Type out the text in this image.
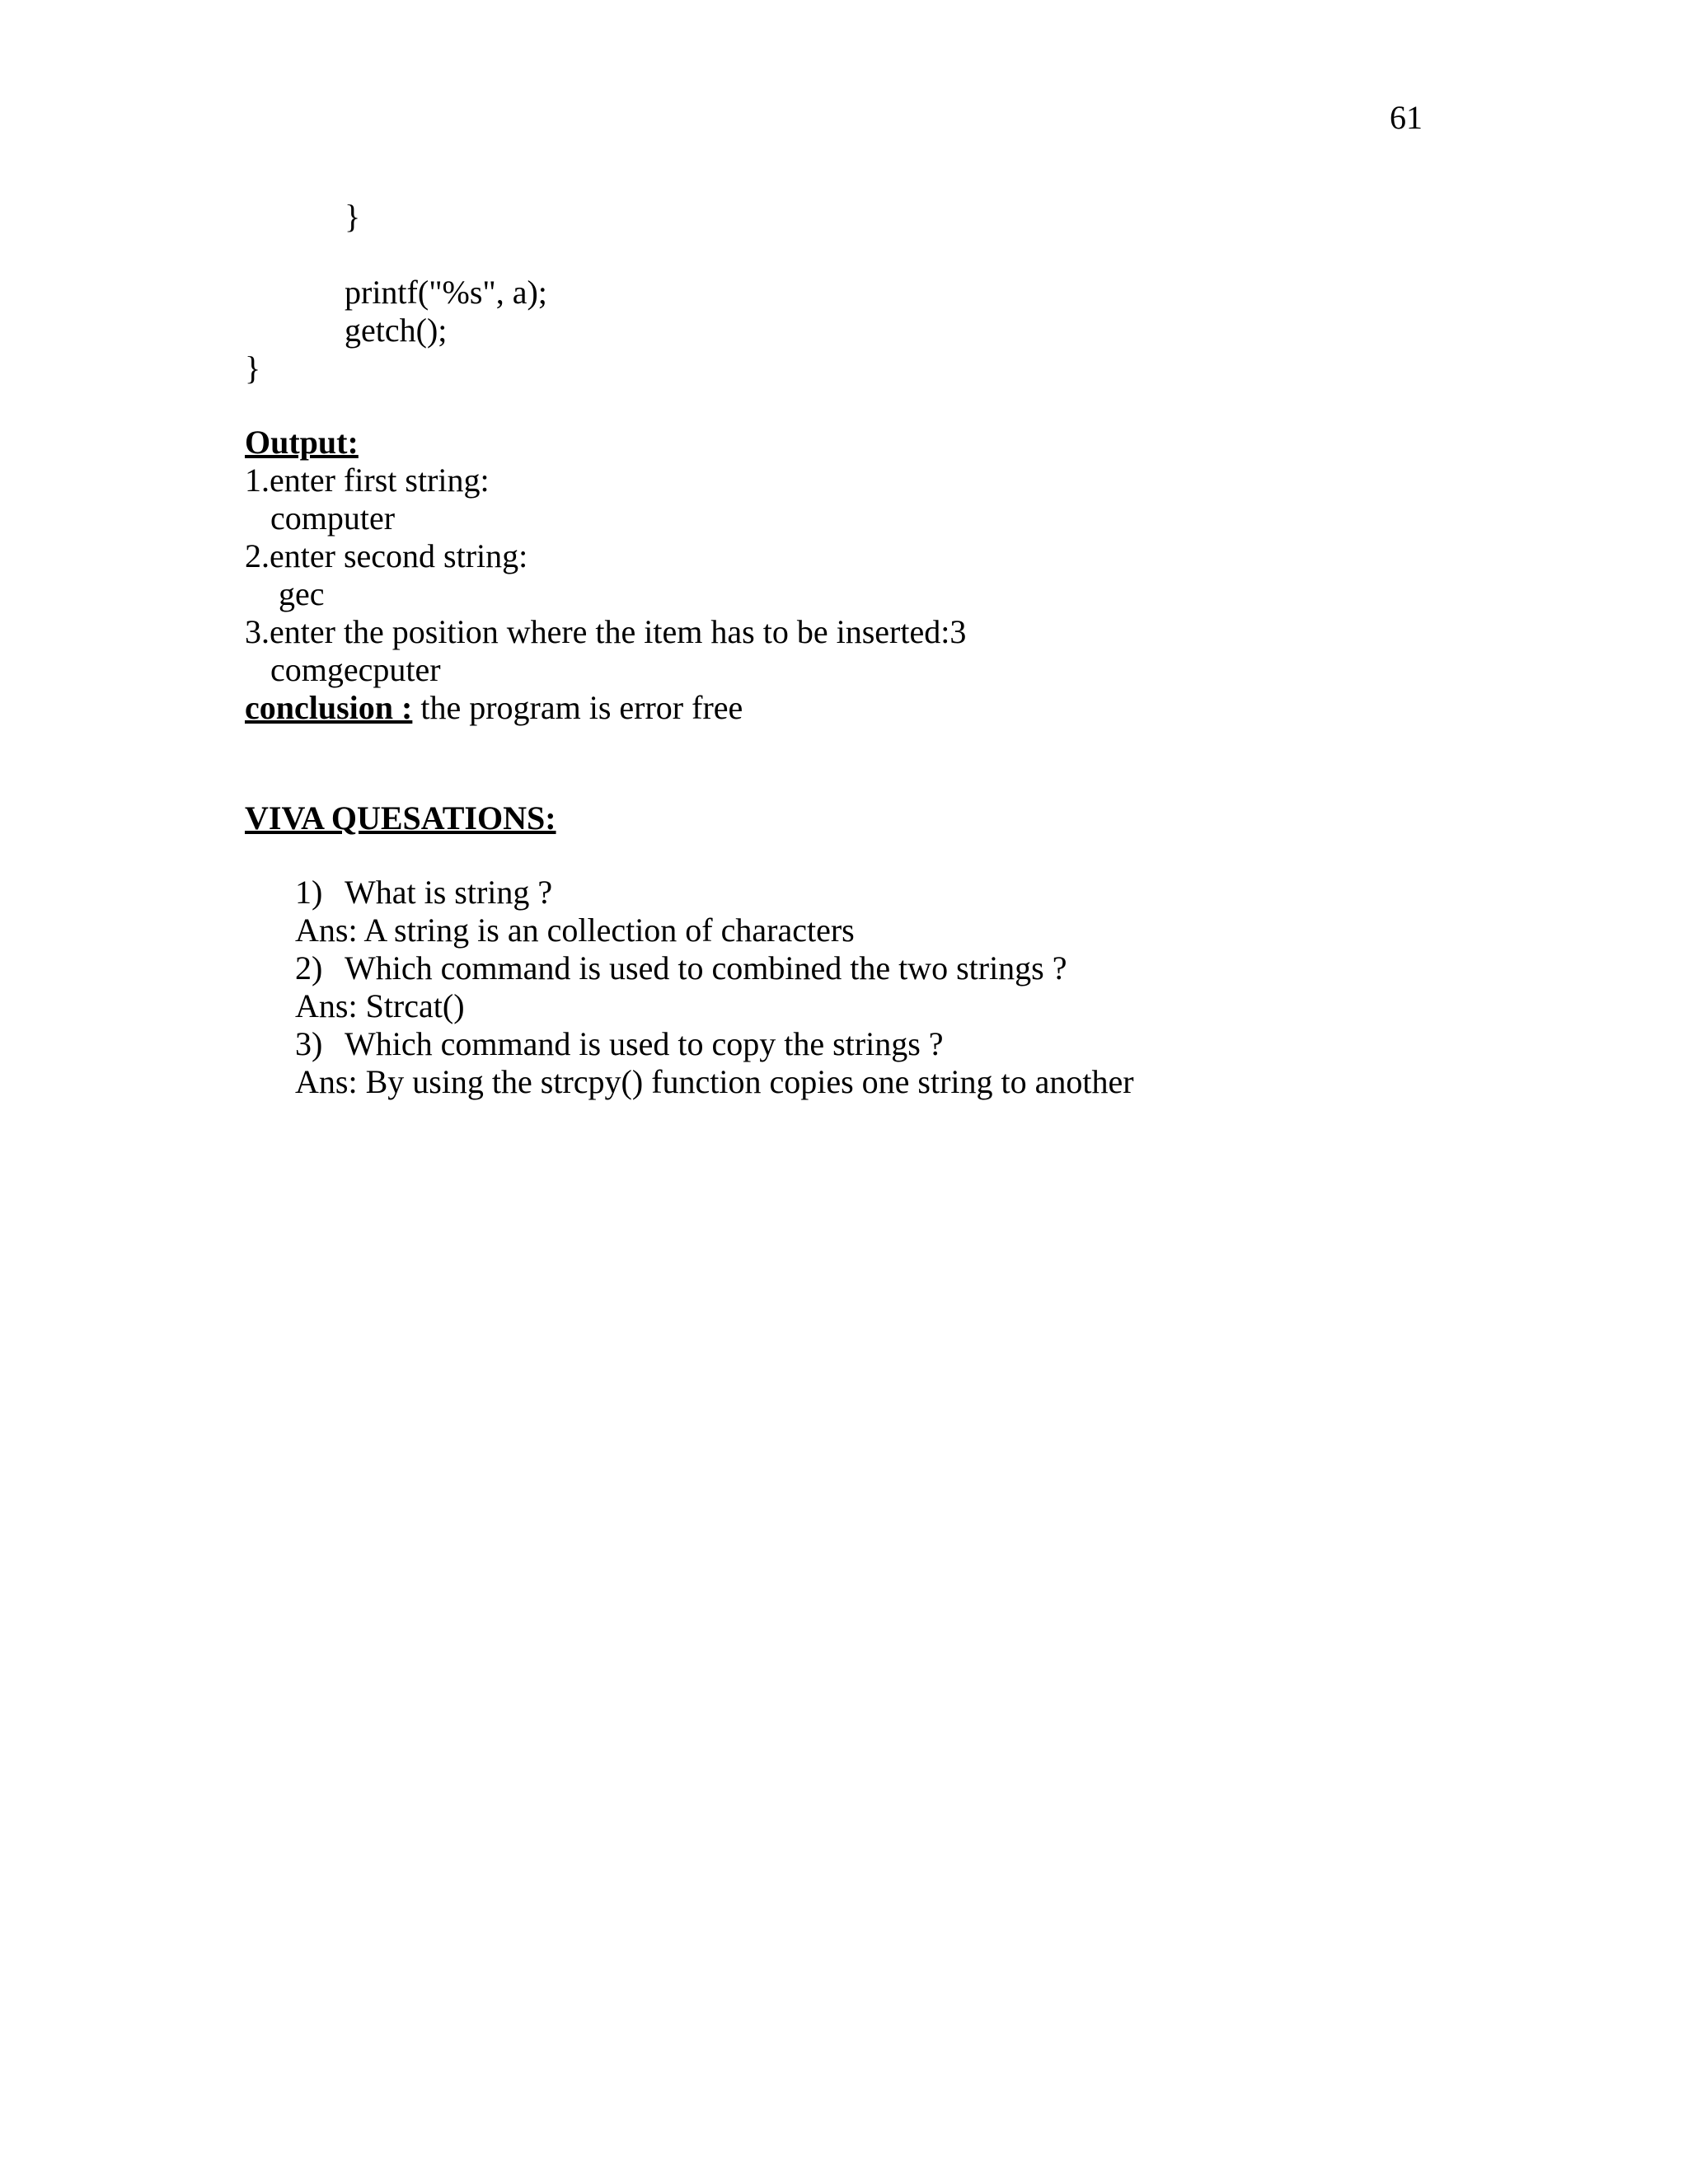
61
}
printf("%s", a);
getch();
}
Output:
1.enter first string:
computer
2.enter second string:
gec
3.enter the position where the item has to be inserted:3
comgecputer
conclusion : the program is error free
VIVA QUESATIONS:
1) What is string ?
Ans: A string is an collection of characters
2) Which command is used to combined the two strings ?
Ans: Strcat()
3) Which command is used to copy the strings ?
Ans: By using the strcpy() function copies one string to another
